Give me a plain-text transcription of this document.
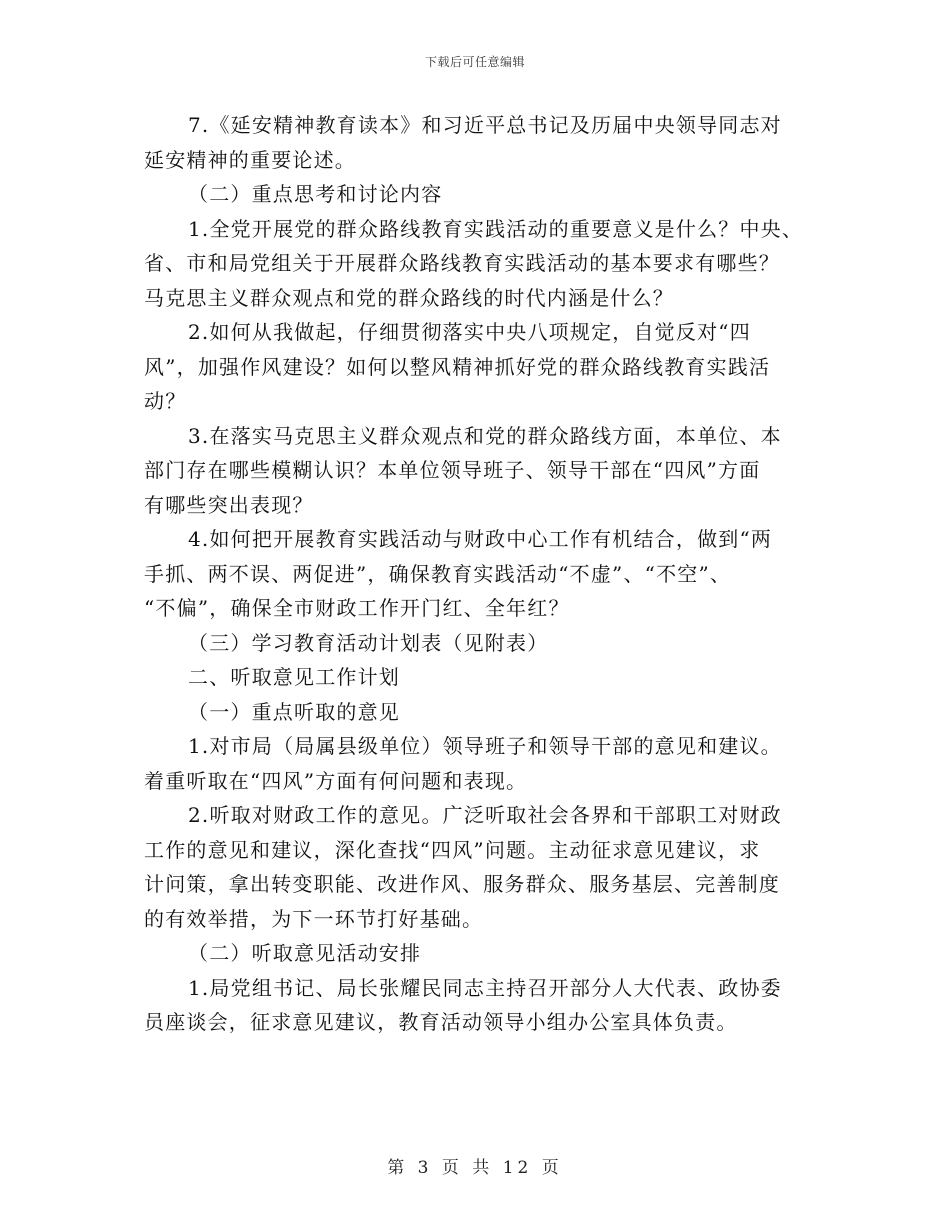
下载后可任意编辑
7.《延安精神教育读本》和习近平总书记及历届中央领导同志对
延安精神的重要论述。
（二）重点思考和讨论内容
1.全党开展党的群众路线教育实践活动的重要意义是什么？中央、
省、市和局党组关于开展群众路线教育实践活动的基本要求有哪些？
马克思主义群众观点和党的群众路线的时代内涵是什么？
2.如何从我做起，仔细贯彻落实中央八项规定，自觉反对“四
风”，加强作风建设？如何以整风精神抓好党的群众路线教育实践活
动？
3.在落实马克思主义群众观点和党的群众路线方面，本单位、本
部门存在哪些模糊认识？本单位领导班子、领导干部在“四风”方面
有哪些突出表现？
4.如何把开展教育实践活动与财政中心工作有机结合，做到“两
手抓、两不误、两促进”，确保教育实践活动“不虚”、“不空”、
“不偏”，确保全市财政工作开门红、全年红？
（三）学习教育活动计划表（见附表）
二、听取意见工作计划
（一）重点听取的意见
1.对市局（局属县级单位）领导班子和领导干部的意见和建议。
着重听取在“四风”方面有何问题和表现。
2.听取对财政工作的意见。广泛听取社会各界和干部职工对财政
工作的意见和建议，深化查找“四风”问题。主动征求意见建议，求
计问策，拿出转变职能、改进作风、服务群众、服务基层、完善制度
的有效举措，为下一环节打好基础。
（二）听取意见活动安排
1.局党组书记、局长张耀民同志主持召开部分人大代表、政协委
员座谈会，征求意见建议，教育活动领导小组办公室具体负责。
第 3 页 共 12 页
